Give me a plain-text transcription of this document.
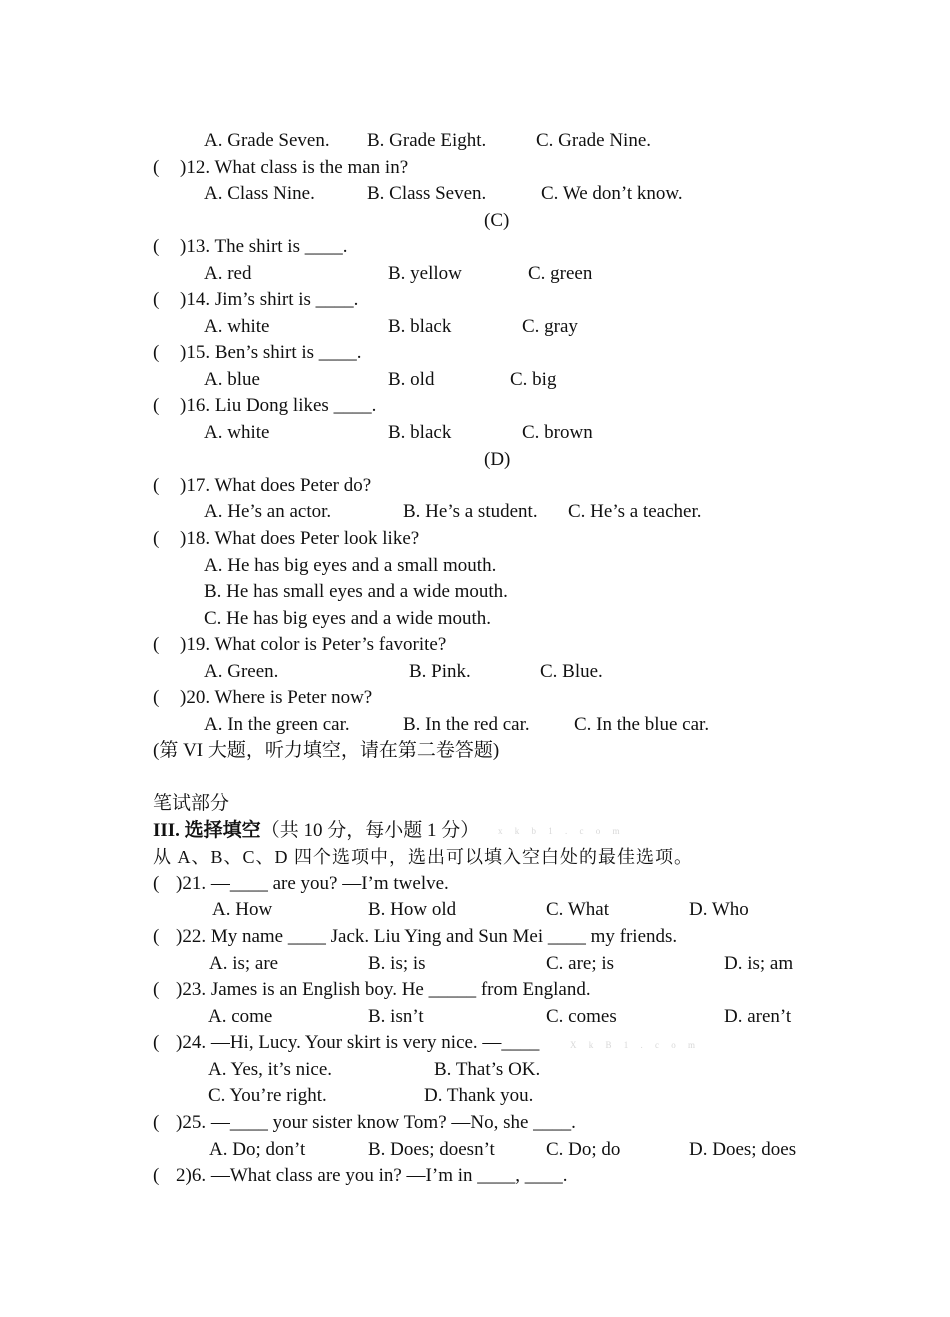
A. Grade Seven. B. Grade Eight.	C. Grade Nine.
( )12. What class is the man in?
A. Class Nine.	B. Class Seven.	C. We don’t know.
(C)
( )13. The shirt is ____.
A. red	B. yellow	C. green
( )14. Jim’s shirt is ____.
A. white	B. black	C. gray
( )15. Ben’s shirt is ____.
A. blue	B. old	C. big
( )16. Liu Dong likes ____.
A. white	B. black	C. brown
(D)
( )17. What does Peter do?
A. He’s an actor.	B. He’s a student. C. He’s a teacher.
( )18. What does Peter look like?
A. He has big eyes and a small mouth.
B. He has small eyes and a wide mouth.
C. He has big eyes and a wide mouth.
( )19. What color is Peter’s favorite?
A. Green.	B. Pink.	C. Blue.
( )20. Where is Peter now?
A. In the green car.	B. In the red car. C. In the blue car.
(第 VI 大题，听力填空，请在第二卷答题)
笔试部分
III. 选择填空（共 10 分，每小题 1 分） x k b 1 . c o m
从 A、B、C、D 四个选项中，选出可以填入空白处的最佳选项。
( )21. —____ are you? —I’m twelve.
A. How	B. How old	C. What	D. Who
( )22. My name ____ Jack. Liu Ying and Sun Mei ____ my friends.
A. is; are	B. is; is	C. are; is	D. is; am
( )23. James is an English boy. He _____ from England.
A. come	B. isn’t	C. comes	D. aren’t
( )24. —Hi, Lucy. Your skirt is very nice. —____	X k B 1 . c o m
A. Yes, it’s nice.	B. That’s OK.
C. You’re right.	D. Thank you.
( )25. —____ your sister know Tom? —No, she ____.
A. Do; don’t	B. Does; doesn’t	C. Do; do	D. Does; does
( 2)6. —What class are you in? —I’m in ____, ____.
